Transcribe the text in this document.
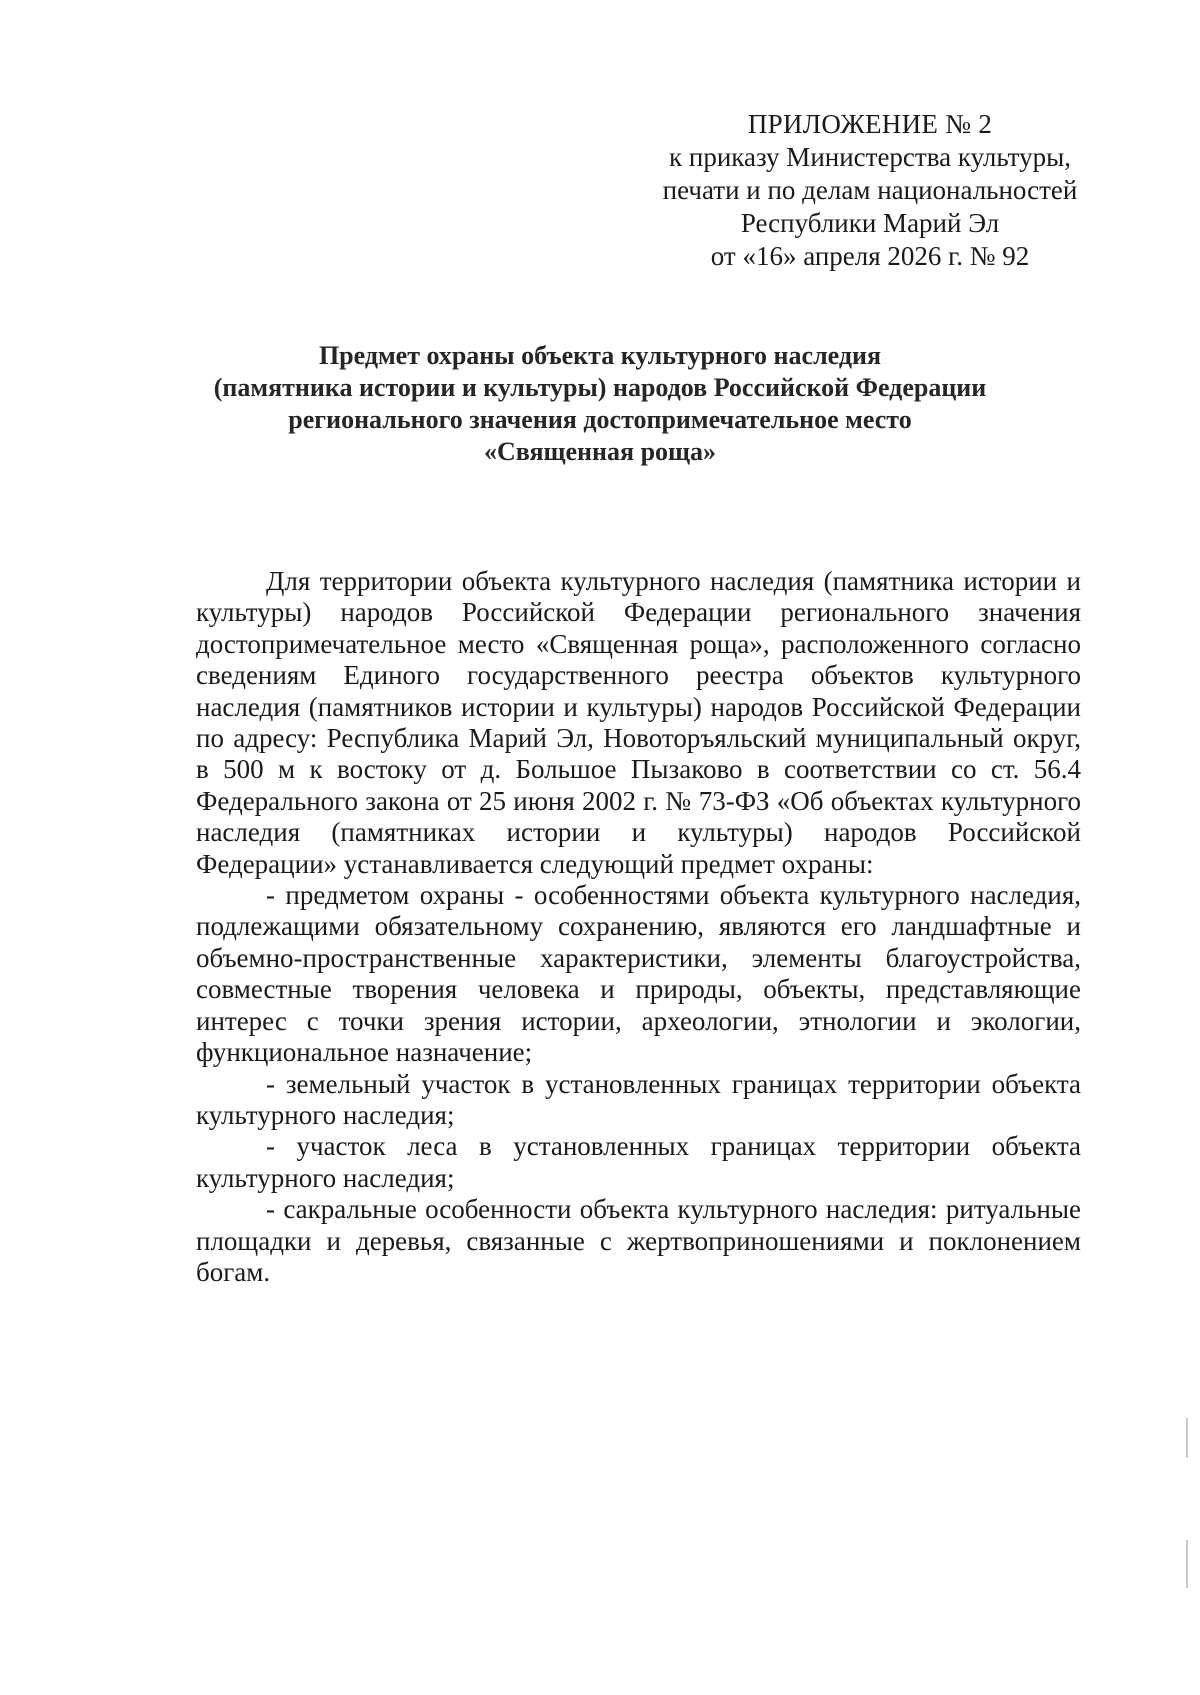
ПРИЛОЖЕНИЕ № 2
к приказу Министерства культуры,
печати и по делам национальностей
Республики Марий Эл
от «16» апреля 2026 г. № 92
Предмет охраны объекта культурного наследия
(памятника истории и культуры) народов Российской Федерации
регионального значения достопримечательное место
«Священная роща»

Для территории объекта культурного наследия (памятника истории и культуры) народов Российской Федерации регионального значения достопримечательное место «Священная роща», расположенного согласно сведениям Единого государственного реестра объектов культурного наследия (памятников истории и культуры) народов Российской Федерации по адресу: Республика Марий Эл, Новоторъяльский муниципальный округ, в 500 м к востоку от д. Большое Пызаково в соответствии со ст. 56.4 Федерального закона от 25 июня 2002 г. № 73-ФЗ «Об объектах культурного наследия (памятниках истории и культуры) народов Российской Федерации» устанавливается следующий предмет охраны:

- предметом охраны - особенностями объекта культурного наследия, подлежащими обязательному сохранению, являются его ландшафтные и объемно-пространственные характеристики, элементы благоустройства, совместные творения человека и природы, объекты, представляющие интерес с точки зрения истории, археологии, этнологии и экологии, функциональное назначение;

- земельный участок в установленных границах территории объекта культурного наследия;

- участок леса в установленных границах территории объекта культурного наследия;

- сакральные особенности объекта культурного наследия: ритуальные площадки и деревья, связанные с жертвоприношениями и поклонением богам.
